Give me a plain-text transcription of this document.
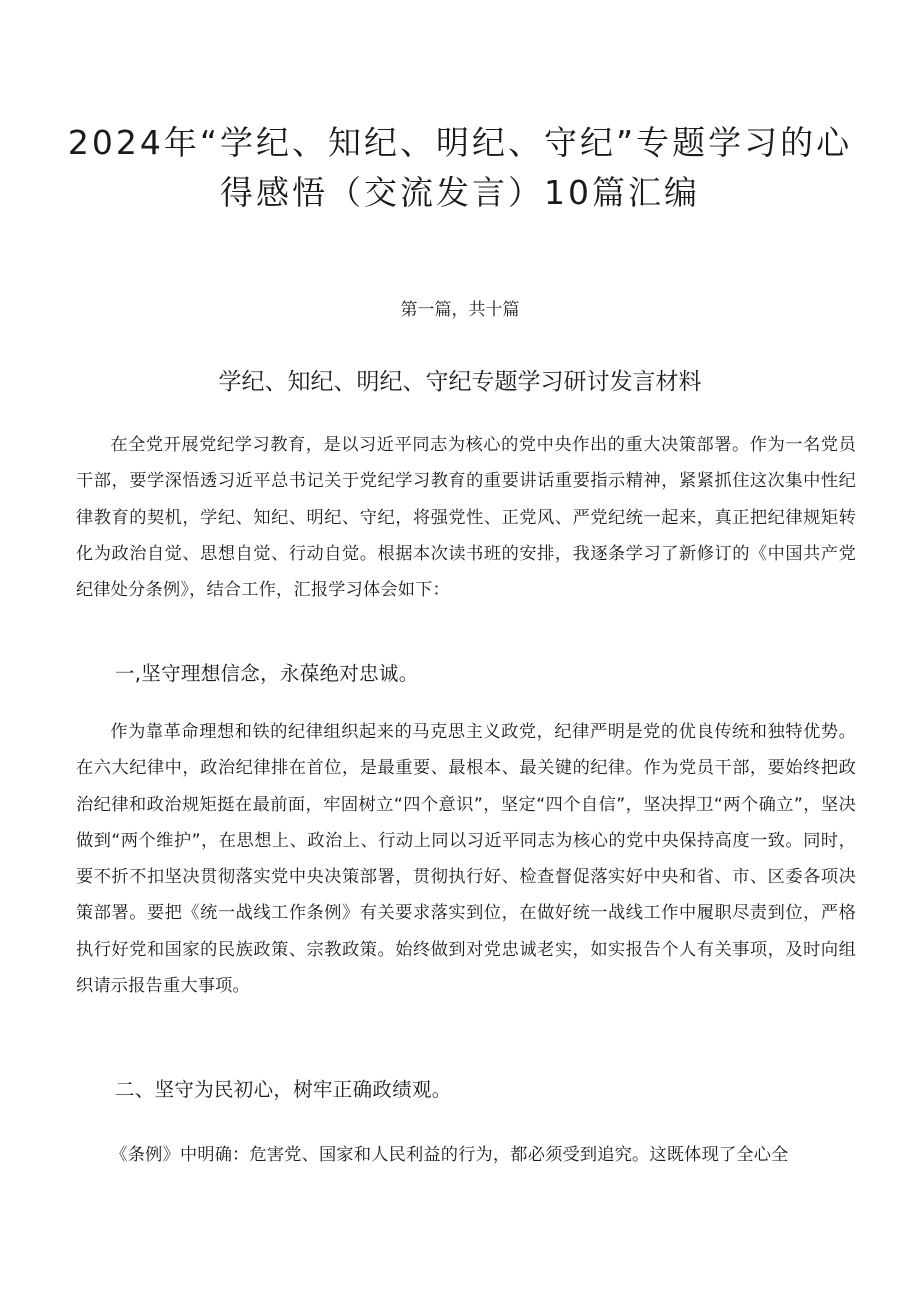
2024年“学纪、知纪、明纪、守纪”专题学习的心得感悟（交流发言）10篇汇编
第一篇，共十篇
学纪、知纪、明纪、守纪专题学习研讨发言材料

在全党开展党纪学习教育，是以习近平同志为核心的党中央作出的重大决策部署。作为一名党员干部，要学深悟透习近平总书记关于党纪学习教育的重要讲话重要指示精神，紧紧抓住这次集中性纪律教育的契机，学纪、知纪、明纪、守纪，将强党性、正党风、严党纪统一起来，真正把纪律规矩转化为政治自觉、思想自觉、行动自觉。根据本次读书班的安排，我逐条学习了新修订的《中国共产党纪律处分条例》，结合工作，汇报学习体会如下：

一,坚守理想信念，永葆绝对忠诚。

作为靠革命理想和铁的纪律组织起来的马克思主义政党，纪律严明是党的优良传统和独特优势。在六大纪律中，政治纪律排在首位，是最重要、最根本、最关键的纪律。作为党员干部，要始终把政治纪律和政治规矩挺在最前面，牢固树立“四个意识”，坚定“四个自信”，坚决捍卫“两个确立”，坚决做到“两个维护”，在思想上、政治上、行动上同以习近平同志为核心的党中央保持高度一致。同时，要不折不扣坚决贯彻落实党中央决策部署，贯彻执行好、检查督促落实好中央和省、市、区委各项决策部署。要把《统一战线工作条例》有关要求落实到位，在做好统一战线工作中履职尽责到位，严格执行好党和国家的民族政策、宗教政策。始终做到对党忠诚老实，如实报告个人有关事项，及时向组织请示报告重大事项。

二、坚守为民初心，树牢正确政绩观。

《条例》中明确：危害党、国家和人民利益的行为，都必须受到追究。这既体现了全心全
